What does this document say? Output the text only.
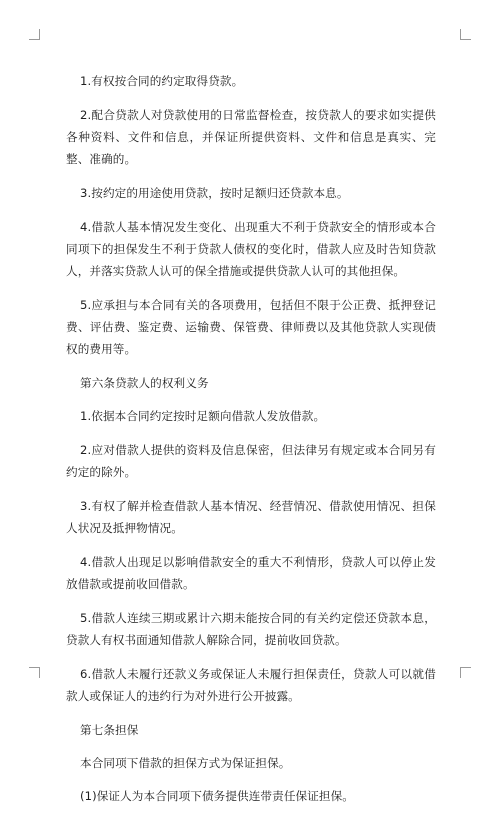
1.有权按合同的约定取得贷款。

2.配合贷款人对贷款使用的日常监督检查，按贷款人的要求如实提供各种资料、文件和信息，并保证所提供资料、文件和信息是真实、完整、准确的。

3.按约定的用途使用贷款，按时足额归还贷款本息。

4.借款人基本情况发生变化、出现重大不利于贷款安全的情形或本合同项下的担保发生不利于贷款人债权的变化时，借款人应及时告知贷款人，并落实贷款人认可的保全措施或提供贷款人认可的其他担保。

5.应承担与本合同有关的各项费用，包括但不限于公正费、抵押登记费、评估费、鉴定费、运输费、保管费、律师费以及其他贷款人实现债权的费用等。

第六条贷款人的权利义务

1.依据本合同约定按时足额向借款人发放借款。

2.应对借款人提供的资料及信息保密，但法律另有规定或本合同另有约定的除外。

3.有权了解并检查借款人基本情况、经营情况、借款使用情况、担保人状况及抵押物情况。

4.借款人出现足以影响借款安全的重大不利情形，贷款人可以停止发放借款或提前收回借款。

5.借款人连续三期或累计六期未能按合同的有关约定偿还贷款本息，贷款人有权书面通知借款人解除合同，提前收回贷款。

6.借款人未履行还款义务或保证人未履行担保责任，贷款人可以就借款人或保证人的违约行为对外进行公开披露。

第七条担保

本合同项下借款的担保方式为保证担保。

(1)保证人为本合同项下债务提供连带责任保证担保。
